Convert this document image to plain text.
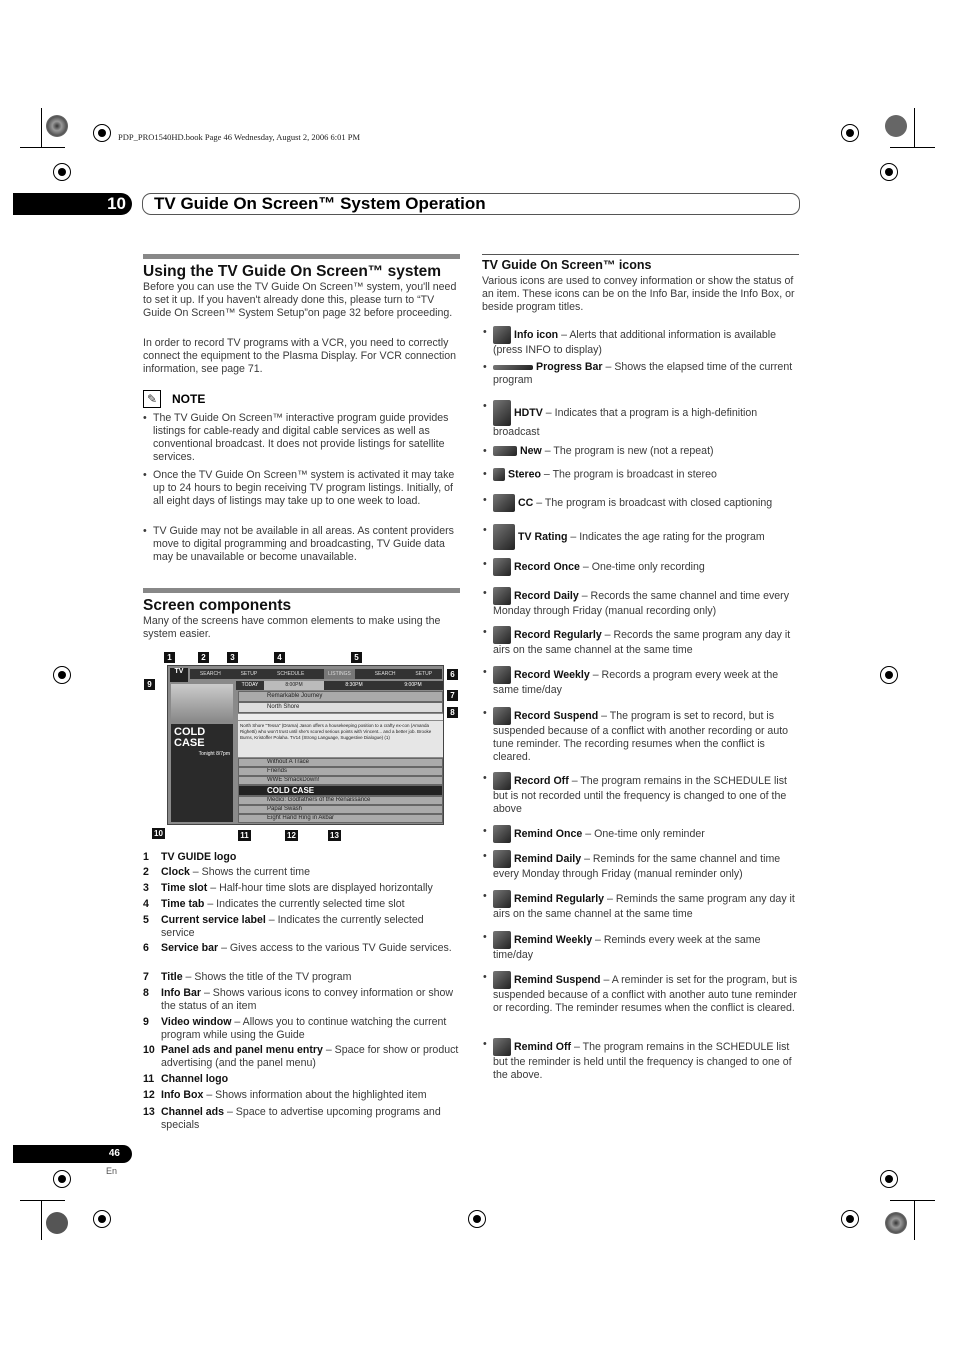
PDP_PRO1540HD.book Page 46 Wednesday, August 2, 2006 6:01 PM
10	TV Guide On Screen™ System Operation
Using the TV Guide On Screen™ system
Before you can use the TV Guide On Screen™ system, you'll need to set it up. If you haven't already done this, please turn to “TV Guide On Screen™ System Setup”on page 32 before proceeding.
In order to record TV programs with a VCR, you need to correctly connect the equipment to the Plasma Display. For VCR connection information, see page 71.
✎	NOTE
• The TV Guide On Screen™ interactive program guide provides listings for cable-ready and digital cable services as well as conventional broadcast. It does not provide listings for satellite services.
• Once the TV Guide On Screen™ system is activated it may take up to 24 hours to begin receiving TV program listings. Initially, of all eight days of listings may take up to one week to load.
• TV Guide may not be available in all areas. As content providers move to digital programming and broadcasting, TV Guide data may be unavailable or become unavailable.
Screen components
Many of the screens have common elements to make using the system easier.
TV	SEARCH	SETUP	SCHEDULE	LISTINGS	SEARCH	SETUP
COLD CASE
Tonight 8/7pm
TODAY	8:00PM	8:30PM	9:00PM
Remarkable Journey
North Shore
North Shore "Tessa" (Drama) Jason offers a housekeeping position to a crafty ex-con (Amanda Righetti) who won't trust until she's scored serious points with Vincent... and a better job. Brooke Burns, Kristoffer Polaha. TV14 (Strong Language, Suggestive Dialogue) (1)
Without A Trace
Friends
WWE SmackDown!
COLD CASE
Medici: Godfathers of the Renaissance
Papal Swash
Eight Hand Ring in Akbar
1	2	3	4	5
6
7
8
9
10	11	12	13
1 TV GUIDE logo
2 Clock – Shows the current time
3 Time slot – Half-hour time slots are displayed horizontally
4 Time tab – Indicates the currently selected time slot
5 Current service label – Indicates the currently selected service
6 Service bar – Gives access to the various TV Guide services.
7 Title – Shows the title of the TV program
8 Info Bar – Shows various icons to convey information or show the status of an item
9 Video window – Allows you to continue watching the current program while using the Guide
10 Panel ads and panel menu entry – Space for show or product advertising (and the panel menu)
11 Channel logo
12 Info Box – Shows information about the highlighted item
13 Channel ads – Space to advertise upcoming programs and specials
TV Guide On Screen™ icons
Various icons are used to convey information or show the status of an item. These icons can be on the Info Bar, inside the Info Box, or beside program titles.
• Info icon – Alerts that additional information is available (press INFO to display)
• Progress Bar – Shows the elapsed time of the current program
• HDTV – Indicates that a program is a high-definition broadcast
• New – The program is new (not a repeat)
• Stereo – The program is broadcast in stereo
• CC – The program is broadcast with closed captioning
• TV Rating – Indicates the age rating for the program
• Record Once – One-time only recording
• Record Daily – Records the same channel and time every Monday through Friday (manual recording only)
• Record Regularly – Records the same program any day it airs on the same channel at the same time
• Record Weekly – Records a program every week at the same time/day
• Record Suspend – The program is set to record, but is suspended because of a conflict with another recording or auto tune reminder. The recording resumes when the conflict is cleared.
• Record Off – The program remains in the SCHEDULE list but is not recorded until the frequency is changed to one of the above
• Remind Once – One-time only reminder
• Remind Daily – Reminds for the same channel and time every Monday through Friday (manual reminder only)
• Remind Regularly – Reminds the same program any day it airs on the same channel at the same time
• Remind Weekly – Reminds every week at the same time/day
• Remind Suspend – A reminder is set for the program, but is suspended because of a conflict with another auto tune reminder or recording. The reminder resumes when the conflict is cleared.
• Remind Off – The program remains in the SCHEDULE list but the reminder is held until the frequency is changed to one of the above.
46
En
